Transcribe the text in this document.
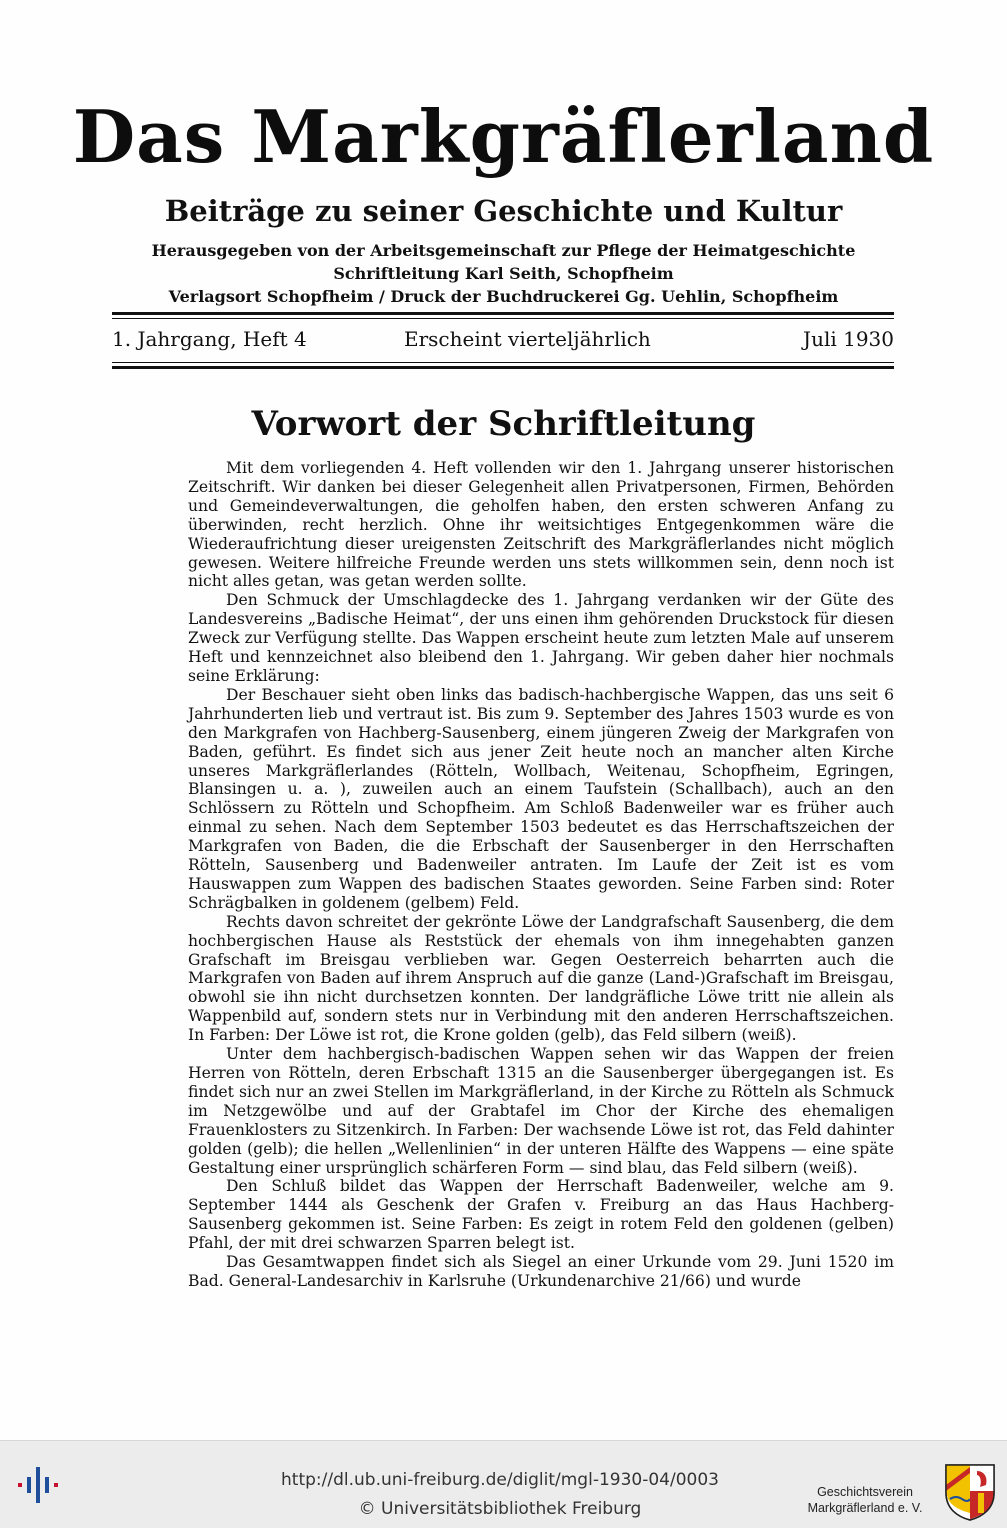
Das Markgräflerland
Beiträge zu seiner Geschichte und Kultur
Herausgegeben von der Arbeitsgemeinschaft zur Pflege der Heimatgeschichte
Schriftleitung Karl Seith, Schopfheim
Verlagsort Schopfheim / Druck der Buchdruckerei Gg. Uehlin, Schopfheim
1. Jahrgang, Heft 4	Erscheint vierteljährlich	Juli 1930
Vorwort der Schriftleitung

Mit dem vorliegenden 4. Heft vollenden wir den 1. Jahrgang unserer historischen Zeitschrift. Wir danken bei dieser Gelegenheit allen Privatpersonen, Firmen, Behörden und Gemeindeverwaltungen, die geholfen haben, den ersten schweren Anfang zu überwinden, recht herzlich. Ohne ihr weitsichtiges Entgegenkommen wäre die Wiederaufrichtung dieser ureigensten Zeitschrift des Markgräflerlandes nicht möglich gewesen. Weitere hilfreiche Freunde werden uns stets willkommen sein, denn noch ist nicht alles getan, was getan werden sollte.

Den Schmuck der Umschlagdecke des 1. Jahrgang verdanken wir der Güte des Landesvereins „Badische Heimat“, der uns einen ihm gehörenden Druckstock für diesen Zweck zur Verfügung stellte. Das Wappen erscheint heute zum letzten Male auf unserem Heft und kennzeichnet also bleibend den 1. Jahrgang. Wir geben daher hier nochmals seine Erklärung:

Der Beschauer sieht oben links das badisch-hachbergische Wappen, das uns seit 6 Jahrhunderten lieb und vertraut ist. Bis zum 9. September des Jahres 1503 wurde es von den Markgrafen von Hachberg-Sausenberg, einem jüngeren Zweig der Markgrafen von Baden, geführt. Es findet sich aus jener Zeit heute noch an mancher alten Kirche unseres Markgräflerlandes (Rötteln, Wollbach, Weitenau, Schopfheim, Egringen, Blansingen u. a. ), zuweilen auch an einem Taufstein (Schallbach), auch an den Schlössern zu Rötteln und Schopfheim. Am Schloß Badenweiler war es früher auch einmal zu sehen. Nach dem September 1503 bedeutet es das Herrschaftszeichen der Markgrafen von Baden, die die Erbschaft der Sausenberger in den Herrschaften Rötteln, Sausenberg und Badenweiler antraten. Im Laufe der Zeit ist es vom Hauswappen zum Wappen des badischen Staates geworden. Seine Farben sind: Roter Schrägbalken in goldenem (gelbem) Feld.

Rechts davon schreitet der gekrönte Löwe der Landgrafschaft Sausenberg, die dem hochbergischen Hause als Reststück der ehemals von ihm innegehabten ganzen Grafschaft im Breisgau verblieben war. Gegen Oesterreich beharrten auch die Markgrafen von Baden auf ihrem Anspruch auf die ganze (Land-)Grafschaft im Breisgau, obwohl sie ihn nicht durchsetzen konnten. Der landgräfliche Löwe tritt nie allein als Wappenbild auf, sondern stets nur in Verbindung mit den anderen Herrschaftszeichen. In Farben: Der Löwe ist rot, die Krone golden (gelb), das Feld silbern (weiß).

Unter dem hachbergisch-badischen Wappen sehen wir das Wappen der freien Herren von Rötteln, deren Erbschaft 1315 an die Sausenberger übergegangen ist. Es findet sich nur an zwei Stellen im Markgräflerland, in der Kirche zu Rötteln als Schmuck im Netzgewölbe und auf der Grabtafel im Chor der Kirche des ehemaligen Frauenklosters zu Sitzenkirch. In Farben: Der wachsende Löwe ist rot, das Feld dahinter golden (gelb); die hellen „Wellenlinien“ in der unteren Hälfte des Wappens — eine späte Gestaltung einer ursprünglich schärferen Form — sind blau, das Feld silbern (weiß).

Den Schluß bildet das Wappen der Herrschaft Badenweiler, welche am 9. September 1444 als Geschenk der Grafen v. Freiburg an das Haus Hachberg-Sausenberg gekommen ist. Seine Farben: Es zeigt in rotem Feld den goldenen (gelben) Pfahl, der mit drei schwarzen Sparren belegt ist.

Das Gesamtwappen findet sich als Siegel an einer Urkunde vom 29. Juni 1520 im Bad. General-Landesarchiv in Karlsruhe (Urkundenarchive 21/66) und wurde

http://dl.ub.uni-freiburg.de/diglit/mgl-1930-04/0003
© Universitätsbibliothek Freiburg
Geschichtsverein
Markgräflerland e. V.
